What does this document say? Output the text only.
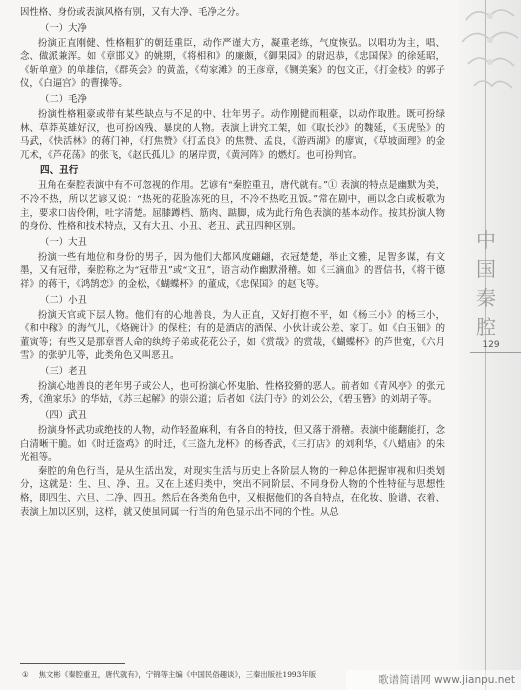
中
国
秦
腔
129

因性格、身份或表演风格有别，又有大净、毛净之分。

（一）大净

扮演正直刚健、性格粗犷的朝廷重臣，动作严谨大方，凝重老练，气度恢弘。以唱功为主，唱、念、做派兼浑。如《章邯义》的姚期，《将相和》的廉颇，《御果园》的尉迟恭，《忠国保》的徐延昭，《斩单童》的单雄信，《群英会》的黄盖，《苟家滩》的王彦章，《铡美案》的包文正，《打金枝》的郭子仪，《白逼宫》的曹操等。

（二）毛净

扮演性格粗豪或带有某些缺点与不足的中、壮年男子。动作刚健而粗豪，以动作取胜。既可扮绿林、草莽英雄好汉，也可扮凶残、暴戾的人物。表演上讲究工架，如《取长沙》的魏延，《玉虎坠》的马武，《快活林》的蒋门神，《打焦赞》《打孟良》的焦赞、孟良，《游西湖》的廖寅，《草坡面理》的金兀术，《芦花荡》的张飞，《赵氏孤儿》的屠岸贾，《黄河阵》的燃灯。也可扮判官。

四、丑行

丑角在秦腔表演中有不可忽视的作用。艺谚有“秦腔重丑，唐代就有。”① 表演的特点是幽默为美，不冷不热，所以艺谚又说：“热死的花脸冻死的旦，不冷不热吃丑饭。”常在剧中，画以念白或板歌为主，要求口齿伶俐，吐字清楚。屈膝蹲档、筋肉、踮脚，成为此行角色表演的基本动作。按其扮演人物的身份、性格和技术特点，又有大丑、小丑、老丑、武丑四种区别。

（一）大丑

扮演一些有地位和身份的男子，因为他们大都风度翩翩，衣冠楚楚，举止文雅，足智多谋，有文墨，又有冠带，秦腔称之为“冠带丑”或“文丑”，语言动作幽默滑稽。如《三滴血》的晋信书，《将干德祥》的蒋干，《鸿鹄恋》的金松，《蝴蝶杯》的董成，《忠保国》的赵飞等。

（二）小丑

扮演天官或下层人物。他们有的心地善良，为人正直，又好打抱不平，如《杨三小》的杨三小，《和中稼》的海气儿，《烙碗计》的保柱；有的是酒店的酒保、小伙计或公差、家丁。如《白玉钿》的董寅等；有些又是那章晋人命的纨绔子弟或花花公子，如《赏哉》的赏哉，《蝴蝶杯》的芦世寃，《六月雪》的张驴儿等，此类角色又叫恶丑。

（三）老丑

扮演心地善良的老年男子或公人，也可扮演心怀鬼胎、性格狡猾的恶人。前者如《青风亭》的张元秀，《渔家乐》的华姑，《苏三起解》的崇公道；后者如《法门寺》的刘公公，《碧玉簪》的刘胡子等。

（四）武丑

扮演身怀武功或绝技的人物，动作轻盈麻利，有各自的特技，但又落于滑稽。表演中能翻能打，念白清晰干脆。如《时迁盗鸡》的时迁，《三盗九龙杯》的杨香武，《三打店》的刘利华，《八蜡庙》的朱光祖等。

秦腔的角色行当，是从生活出发，对现实生活与历史上各阶层人物的一种总体把握审视和归类划分，这就是：生、旦、净、丑。又在上述归类中，突出不同阶层、不同身份人物的个性特征与思想性格，即四生、六旦、二净、四丑。然后在各类角色中，又根据他们的各自特点，在化妆、脸谱、衣着、表演上加以区别，这样，就又使虽同属一行当的角色显示出不同的个性。从总

① 焦文彬《秦腔重丑，唐代就有》，宁锦等主编《中国民俗趣谈》，三秦出版社1993年版	歌谱简谱网 www.jianpu.net
